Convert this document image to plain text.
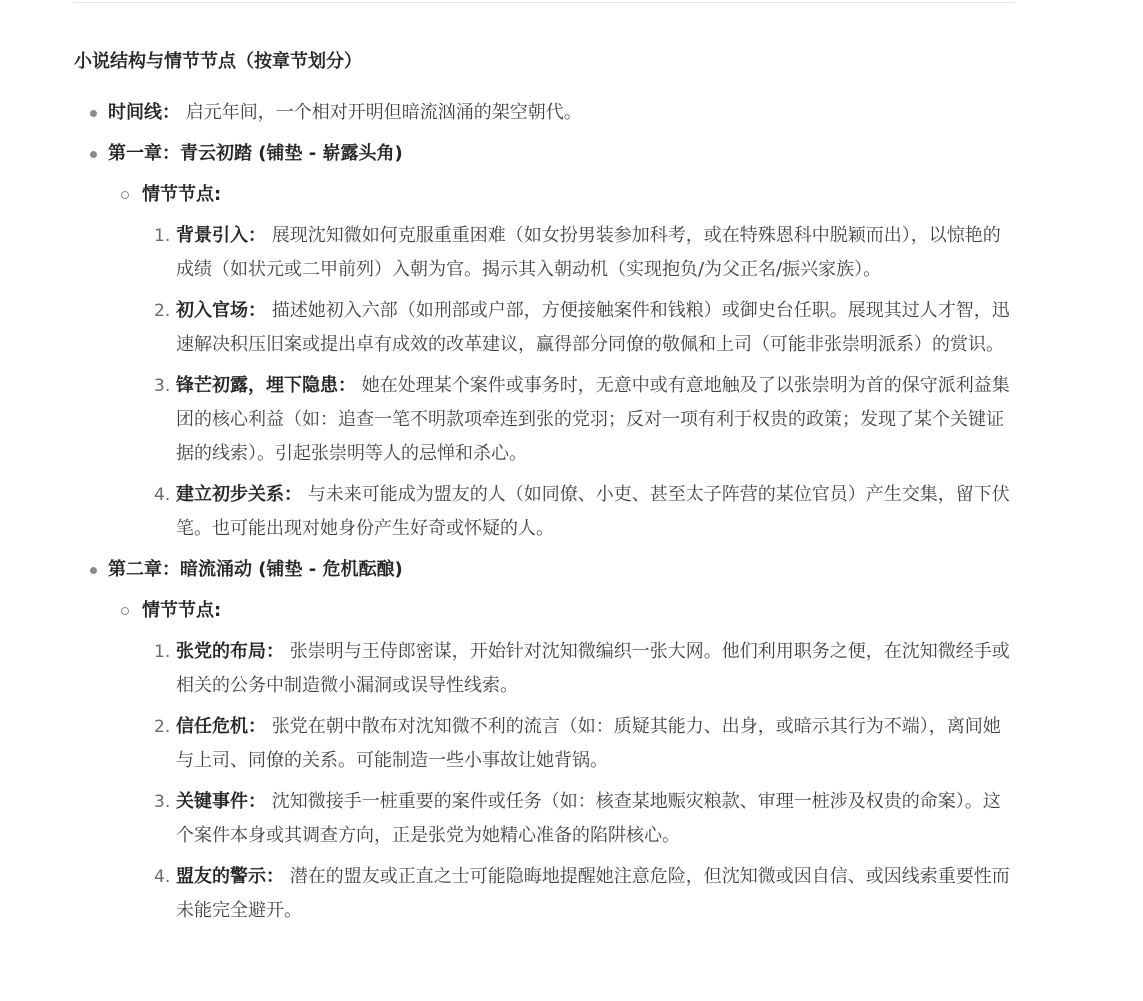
小说结构与情节节点（按章节划分）
时间线： 启元年间，一个相对开明但暗流汹涌的架空朝代。
第一章：青云初踏 (铺垫 - 崭露头角)
情节节点:
1. 背景引入： 展现沈知微如何克服重重困难（如女扮男装参加科考，或在特殊恩科中脱颖而出），以惊艳的成绩（如状元或二甲前列）入朝为官。揭示其入朝动机（实现抱负/为父正名/振兴家族）。
2. 初入官场： 描述她初入六部（如刑部或户部，方便接触案件和钱粮）或御史台任职。展现其过人才智，迅速解决积压旧案或提出卓有成效的改革建议，赢得部分同僚的敬佩和上司（可能非张崇明派系）的赏识。
3. 锋芒初露，埋下隐患： 她在处理某个案件或事务时，无意中或有意地触及了以张崇明为首的保守派利益集团的核心利益（如：追查一笔不明款项牵连到张的党羽；反对一项有利于权贵的政策；发现了某个关键证据的线索）。引起张崇明等人的忌惮和杀心。
4. 建立初步关系： 与未来可能成为盟友的人（如同僚、小吏、甚至太子阵营的某位官员）产生交集，留下伏笔。也可能出现对她身份产生好奇或怀疑的人。
第二章：暗流涌动 (铺垫 - 危机酝酿)
情节节点:
1. 张党的布局： 张崇明与王侍郎密谋，开始针对沈知微编织一张大网。他们利用职务之便，在沈知微经手或相关的公务中制造微小漏洞或误导性线索。
2. 信任危机： 张党在朝中散布对沈知微不利的流言（如：质疑其能力、出身，或暗示其行为不端），离间她与上司、同僚的关系。可能制造一些小事故让她背锅。
3. 关键事件： 沈知微接手一桩重要的案件或任务（如：核查某地赈灾粮款、审理一桩涉及权贵的命案）。这个案件本身或其调查方向，正是张党为她精心准备的陷阱核心。
4. 盟友的警示： 潜在的盟友或正直之士可能隐晦地提醒她注意危险，但沈知微或因自信、或因线索重要性而未能完全避开。
